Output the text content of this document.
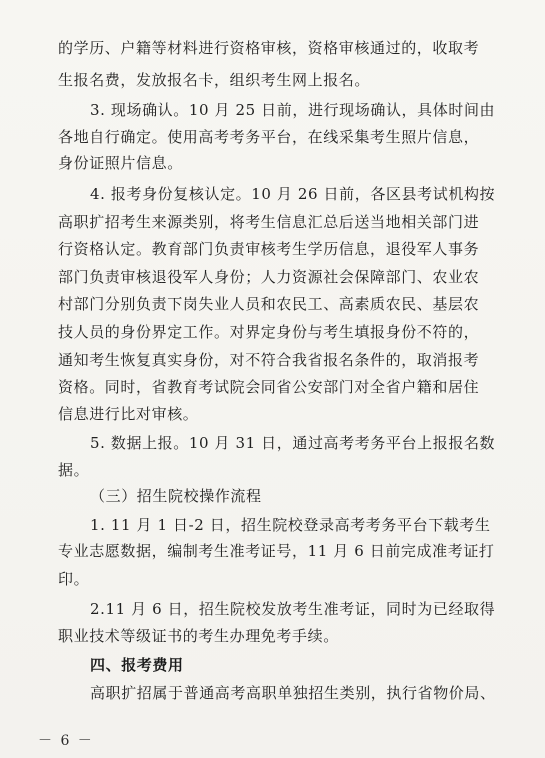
的学历、户籍等材料进行资格审核，资格审核通过的，收取考
生报名费，发放报名卡，组织考生网上报名。
3. 现场确认。10 月 25 日前，进行现场确认，具体时间由
各地自行确定。使用高考考务平台，在线采集考生照片信息，
身份证照片信息。
4. 报考身份复核认定。10 月 26 日前，各区县考试机构按
高职扩招考生来源类别，将考生信息汇总后送当地相关部门进
行资格认定。教育部门负责审核考生学历信息，退役军人事务
部门负责审核退役军人身份；人力资源社会保障部门、农业农
村部门分别负责下岗失业人员和农民工、高素质农民、基层农
技人员的身份界定工作。对界定身份与考生填报身份不符的，
通知考生恢复真实身份，对不符合我省报名条件的，取消报考
资格。同时，省教育考试院会同省公安部门对全省户籍和居住
信息进行比对审核。
5. 数据上报。10 月 31 日，通过高考考务平台上报报名数
据。
（三）招生院校操作流程
1. 11 月 1 日-2 日，招生院校登录高考考务平台下载考生
专业志愿数据，编制考生准考证号，11 月 6 日前完成准考证打
印。
2.11 月 6 日，招生院校发放考生准考证，同时为已经取得
职业技术等级证书的考生办理免考手续。
四、报考费用
高职扩招属于普通高考高职单独招生类别，执行省物价局、
－ 6 －
